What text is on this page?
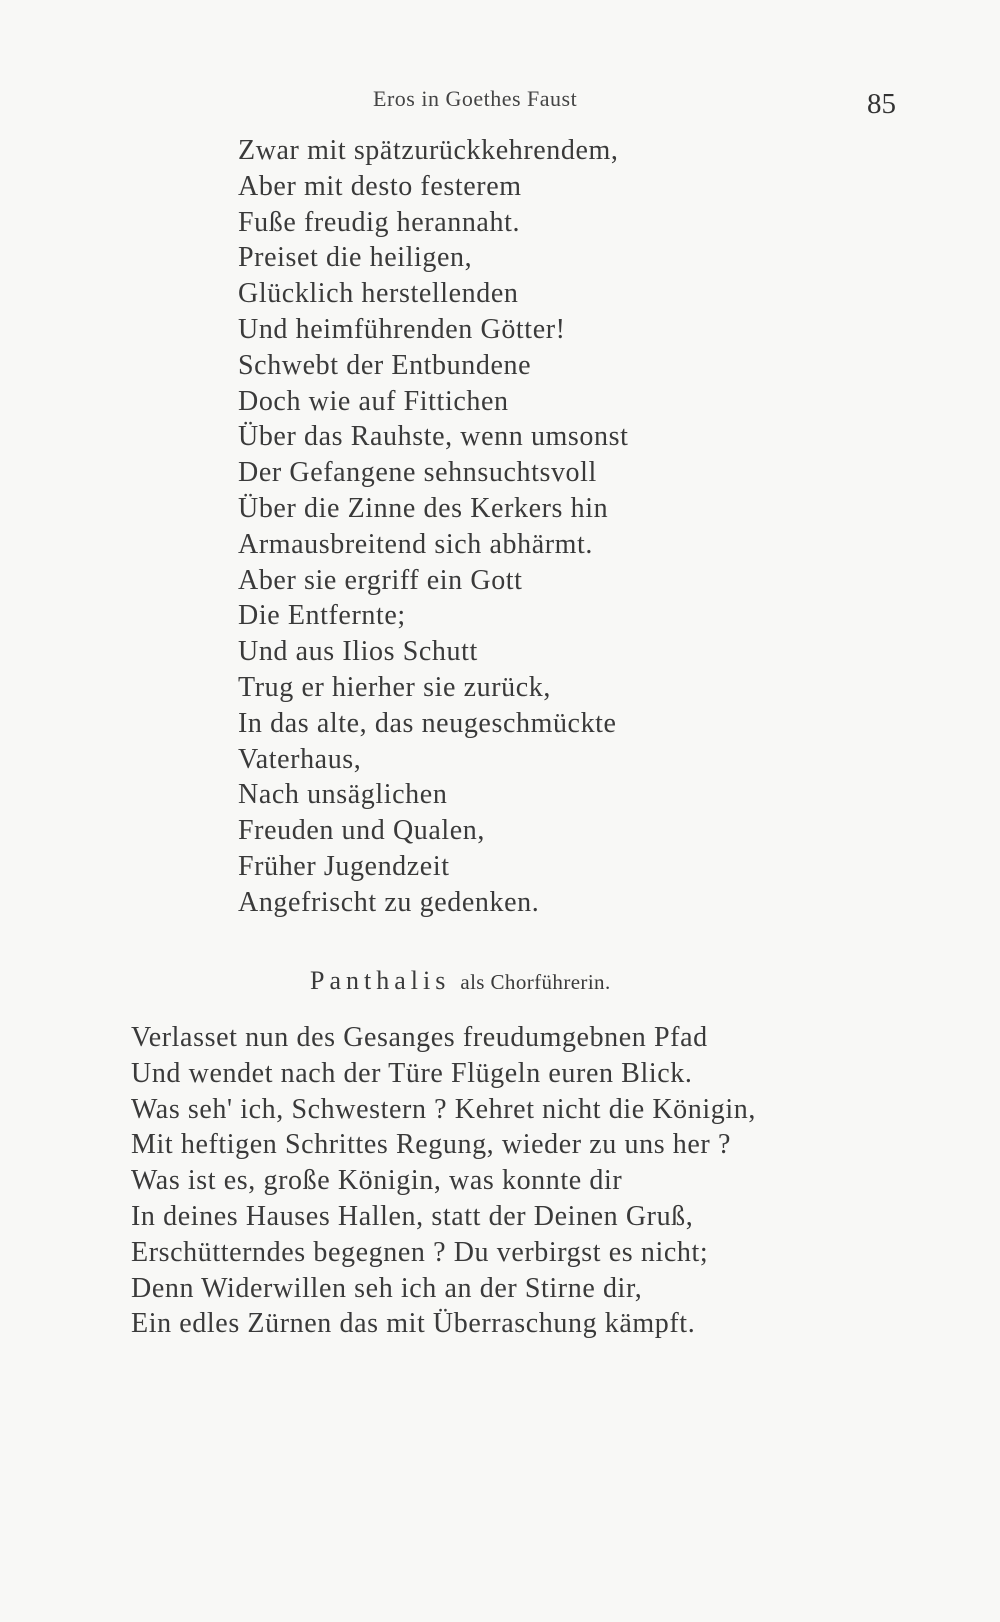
Eros in Goethes Faust	85
Zwar mit spätzurückkehrendem,
Aber mit desto festerem
Fuße freudig herannaht.
Preiset die heiligen,
Glücklich herstellenden
Und heimführenden Götter!
Schwebt der Entbundene
Doch wie auf Fittichen
Über das Rauhste, wenn umsonst
Der Gefangene sehnsuchtsvoll
Über die Zinne des Kerkers hin
Armausbreitend sich abhärmt.
Aber sie ergriff ein Gott
Die Entfernte;
Und aus Ilios Schutt
Trug er hierher sie zurück,
In das alte, das neugeschmückte
Vaterhaus,
Nach unsäglichen
Freuden und Qualen,
Früher Jugendzeit
Angefrischt zu gedenken.
Panthalis als Chorführerin.
Verlasset nun des Gesanges freudumgebnen Pfad
Und wendet nach der Türe Flügeln euren Blick.
Was seh' ich, Schwestern ? Kehret nicht die Königin,
Mit heftigen Schrittes Regung, wieder zu uns her ?
Was ist es, große Königin, was konnte dir
In deines Hauses Hallen, statt der Deinen Gruß,
Erschütterndes begegnen ? Du verbirgst es nicht;
Denn Widerwillen seh ich an der Stirne dir,
Ein edles Zürnen das mit Überraschung kämpft.
